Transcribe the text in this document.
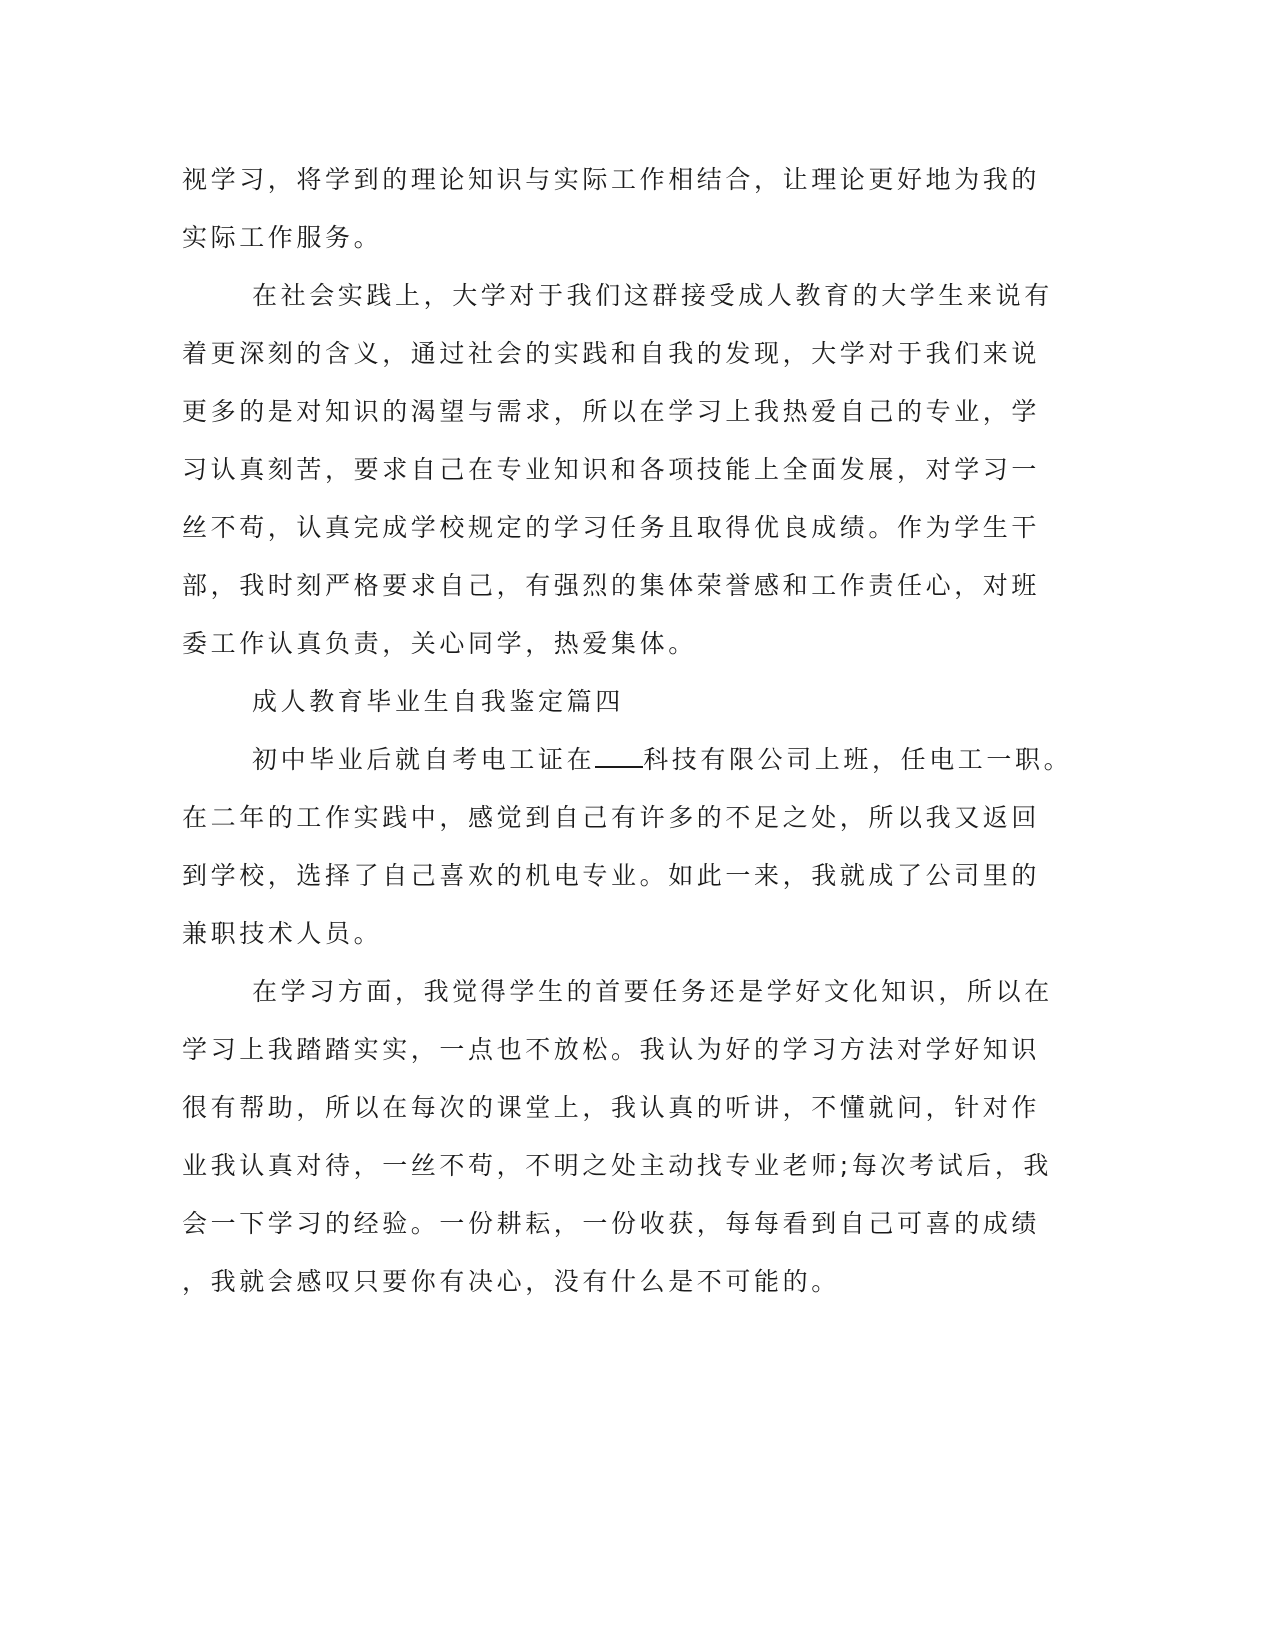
视学习，将学到的理论知识与实际工作相结合，让理论更好地为我的
实际工作服务。
在社会实践上，大学对于我们这群接受成人教育的大学生来说有
着更深刻的含义，通过社会的实践和自我的发现，大学对于我们来说
更多的是对知识的渴望与需求，所以在学习上我热爱自己的专业，学
习认真刻苦，要求自己在专业知识和各项技能上全面发展，对学习一
丝不苟，认真完成学校规定的学习任务且取得优良成绩。作为学生干
部，我时刻严格要求自己，有强烈的集体荣誉感和工作责任心，对班
委工作认真负责，关心同学，热爱集体。
成人教育毕业生自我鉴定篇四
初中毕业后就自考电工证在 科技有限公司上班，任电工一职。
在二年的工作实践中，感觉到自己有许多的不足之处，所以我又返回
到学校，选择了自己喜欢的机电专业。如此一来，我就成了公司里的
兼职技术人员。
在学习方面，我觉得学生的首要任务还是学好文化知识，所以在
学习上我踏踏实实，一点也不放松。我认为好的学习方法对学好知识
很有帮助，所以在每次的课堂上，我认真的听讲，不懂就问，针对作
业我认真对待，一丝不苟，不明之处主动找专业老师;每次考试后，我
会一下学习的经验。一份耕耘，一份收获，每每看到自己可喜的成绩
，我就会感叹只要你有决心，没有什么是不可能的。
